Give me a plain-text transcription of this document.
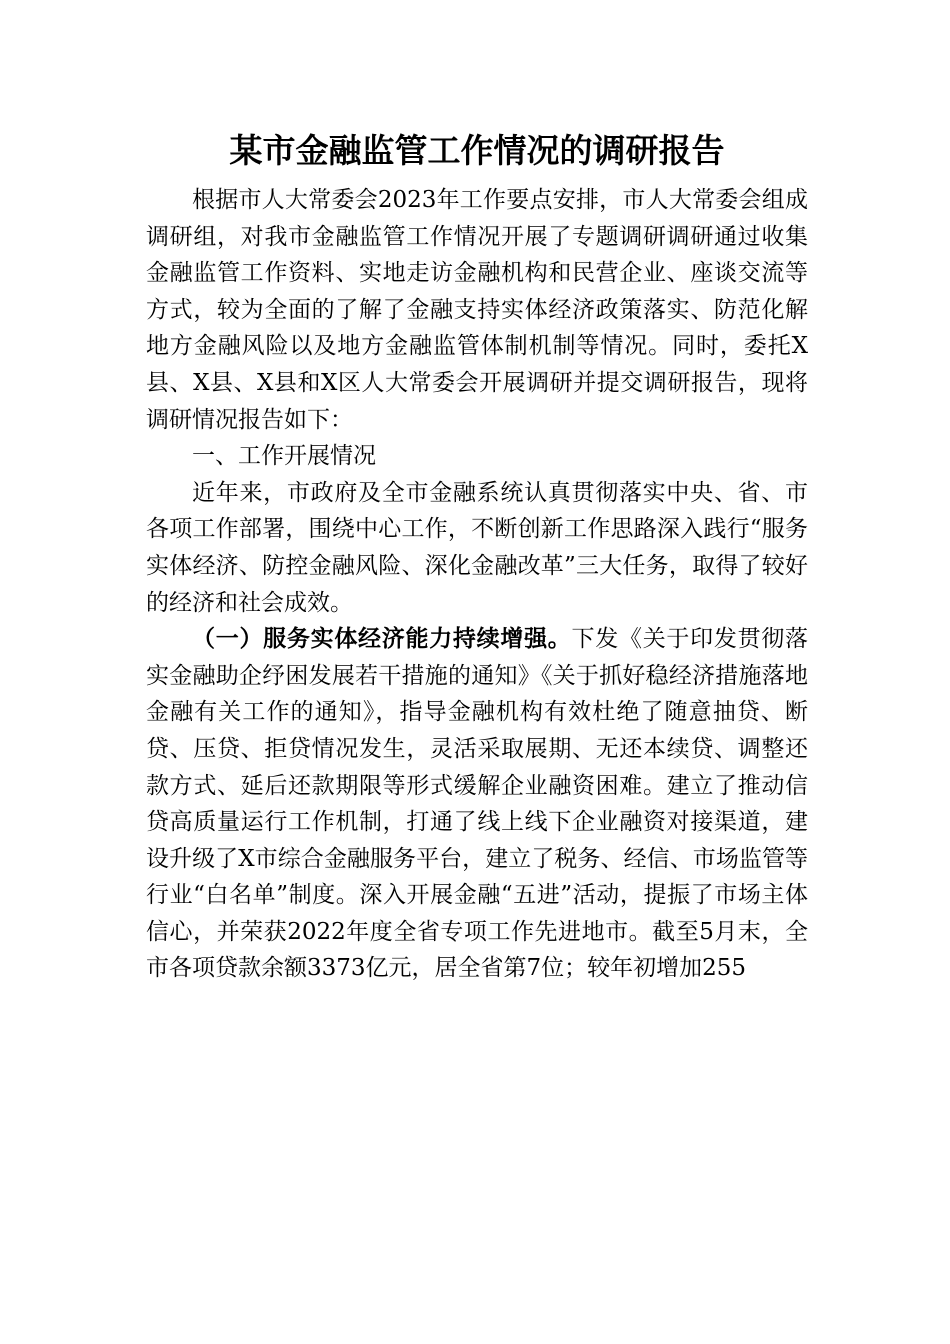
某市金融监管工作情况的调研报告

根据市人大常委会2023年工作要点安排，市人大常委会组成调研组，对我市金融监管工作情况开展了专题调研调研通过收集金融监管工作资料、实地走访金融机构和民营企业、座谈交流等方式，较为全面的了解了金融支持实体经济政策落实、防范化解地方金融风险以及地方金融监管体制机制等情况。同时，委托X县、X县、X县和X区人大常委会开展调研并提交调研报告，现将调研情况报告如下：

一、工作开展情况

近年来，市政府及全市金融系统认真贯彻落实中央、省、市各项工作部署，围绕中心工作，不断创新工作思路深入践行“服务实体经济、防控金融风险、深化金融改革”三大任务，取得了较好的经济和社会成效。

（一）服务实体经济能力持续增强。下发《关于印发贯彻落实金融助企纾困发展若干措施的通知》《关于抓好稳经济措施落地金融有关工作的通知》，指导金融机构有效杜绝了随意抽贷、断贷、压贷、拒贷情况发生，灵活采取展期、无还本续贷、调整还款方式、延后还款期限等形式缓解企业融资困难。建立了推动信贷高质量运行工作机制，打通了线上线下企业融资对接渠道，建设升级了X市综合金融服务平台，建立了税务、经信、市场监管等行业“白名单”制度。深入开展金融“五进”活动，提振了市场主体信心，并荣获2022年度全省专项工作先进地市。截至5月末，全市各项贷款余额3373亿元，居全省第7位；较年初增加255
